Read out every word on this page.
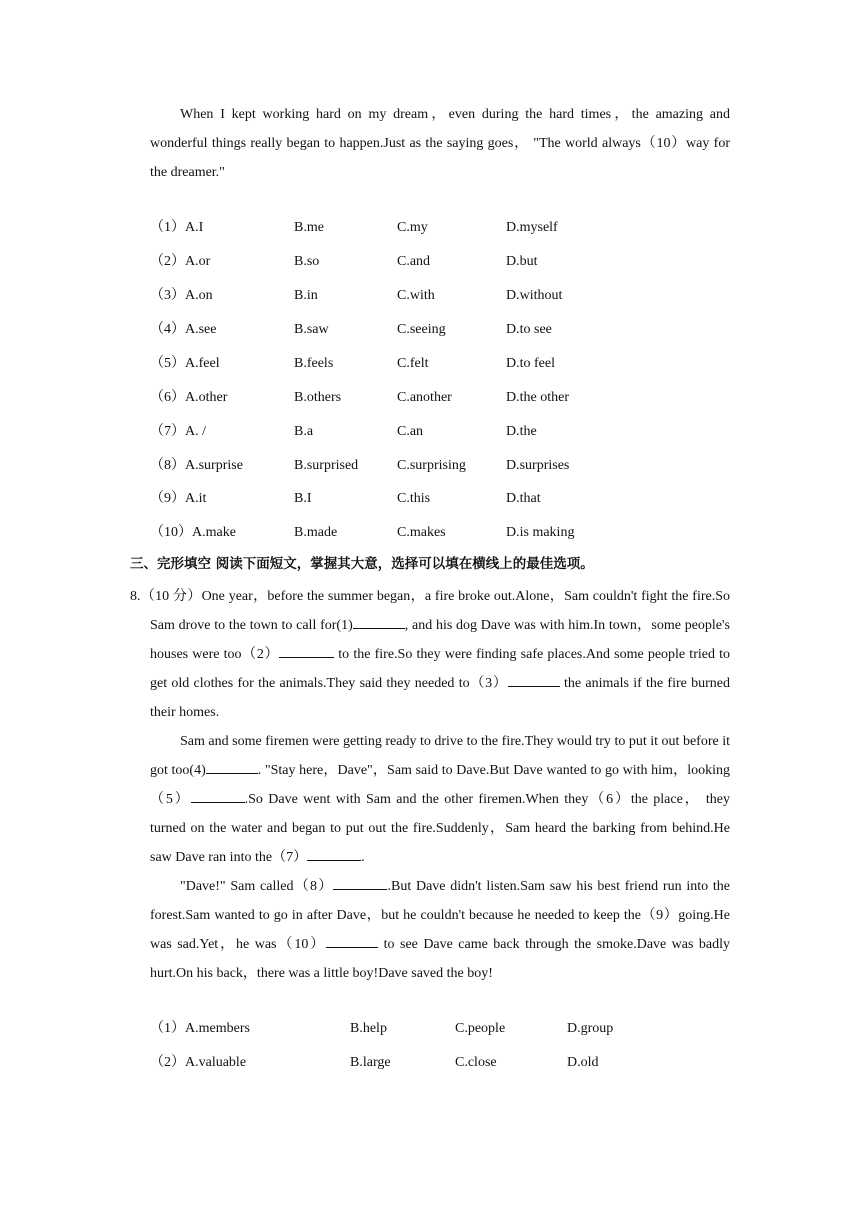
When I kept working hard on my dream，even during the hard times，the amazing and wonderful things really began to happen.Just as the saying goes， "The world always（10）way for the dreamer."

（1）A.I	B.me	C.my	D.myself
（2）A.or	B.so	C.and	D.but
（3）A.on	B.in	C.with	D.without
（4）A.see	B.saw	C.seeing	D.to see
（5）A.feel	B.feels	C.felt	D.to feel
（6）A.other	B.others	C.another	D.the other
（7）A. /	B.a	C.an	D.the
（8）A.surprise	B.surprised	C.surprising	D.surprises
（9）A.it	B.I	C.this	D.that
（10）A.make	B.made	C.makes	D.is making
三、完形填空 阅读下面短文，掌握其大意，选择可以填在横线上的最佳选项。

8.（10 分）One year，before the summer began，a fire broke out.Alone，Sam couldn't fight the fire.So Sam drove to the town to call for(1)	, and his dog Dave was with him.In town，some people's houses were too（2）	to the fire.So they were finding safe places.And some people tried to get old clothes for the animals.They said they needed to（3）	the animals if the fire burned their homes.

Sam and some firemen were getting ready to drive to the fire.They would try to put it out before it got too(4)	. "Stay here，Dave"，Sam said to Dave.But Dave wanted to go with him，looking（5）	.So Dave went with Sam and the other firemen.When they（6）the place， they turned on the water and began to put out the fire.Suddenly，Sam heard the barking from behind.He saw Dave ran into the（7）	.

"Dave!" Sam called（8）	.But Dave didn't listen.Sam saw his best friend run into the forest.Sam wanted to go in after Dave，but he couldn't because he needed to keep the（9）going.He was sad.Yet，he was（10）	to see Dave came back through the smoke.Dave was badly hurt.On his back，there was a little boy!Dave saved the boy!

（1）A.members	B.help	C.people	D.group
（2）A.valuable	B.large	C.close	D.old
